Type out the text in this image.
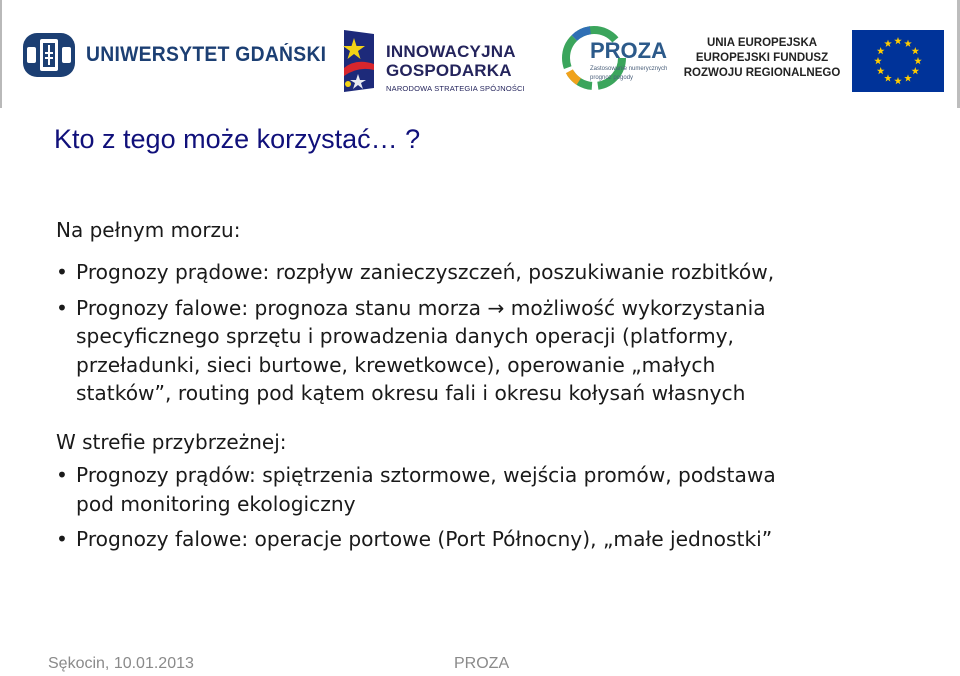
UNIWERSYTET GDAŃSKI	INNOWACYJNA
GOSPODARKA
NARODOWA STRATEGIA SPÓJNOŚCI
PROZA
Zastosowanie numerycznych
prognoz pogody
UNIA EUROPEJSKA
EUROPEJSKI FUNDUSZ
ROZWOJU REGIONALNEGO
Kto z tego może korzystać… ?
Na pełnym morzu:
• Prognozy prądowe: rozpływ zanieczyszczeń, poszukiwanie rozbitków,
• Prognozy falowe: prognoza stanu morza → możliwość wykorzystania
specyficznego sprzętu i prowadzenia danych operacji (platformy,
przeładunki, sieci burtowe, krewetkowce), operowanie „małych
statków”, routing pod kątem okresu fali i okresu kołysań własnych
W strefie przybrzeżnej:
• Prognozy prądów: spiętrzenia sztormowe, wejścia promów, podstawa
pod monitoring ekologiczny
• Prognozy falowe: operacje portowe (Port Północny), „małe jednostki”
Sękocin, 10.01.2013	PROZA
